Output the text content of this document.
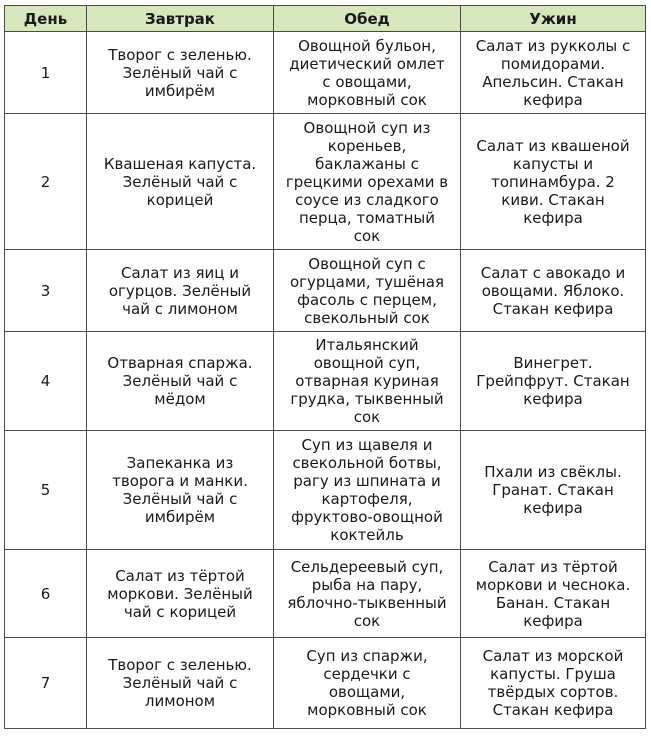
День	Завтрак	Обед	Ужин
1	Творог с зеленью. Зелёный чай с имбирём	Овощной бульон, диетический омлет с овощами, морковный сок	Салат из рукколы с помидорами. Апельсин. Стакан кефира
2	Квашеная капуста. Зелёный чай с корицей	Овощной суп из кореньев, баклажаны с грецкими орехами в соусе из сладкого перца, томатный сок	Салат из квашеной капусты и топинамбура. 2 киви. Стакан кефира
3	Салат из яиц и огурцов. Зелёный чай с лимоном	Овощной суп с огурцами, тушёная фасоль с перцем, свекольный сок	Салат с авокадо и овощами. Яблоко. Стакан кефира
4	Отварная спаржа. Зелёный чай с мёдом	Итальянский овощной суп, отварная куриная грудка, тыквенный сок	Винегрет. Грейпфрут. Стакан кефира
5	Запеканка из творога и манки. Зелёный чай с имбирём	Суп из щавеля и свекольной ботвы, рагу из шпината и картофеля, фруктово-овощной коктейль	Пхали из свёклы. Гранат. Стакан кефира
6	Салат из тёртой моркови. Зелёный чай с корицей	Сельдереевый суп, рыба на пару, яблочно-тыквенный сок	Салат из тёртой моркови и чеснока. Банан. Стакан кефира
7	Творог с зеленью. Зелёный чай с лимоном	Суп из спаржи, сердечки с овощами, морковный сок	Салат из морской капусты. Груша твёрдых сортов. Стакан кефира
